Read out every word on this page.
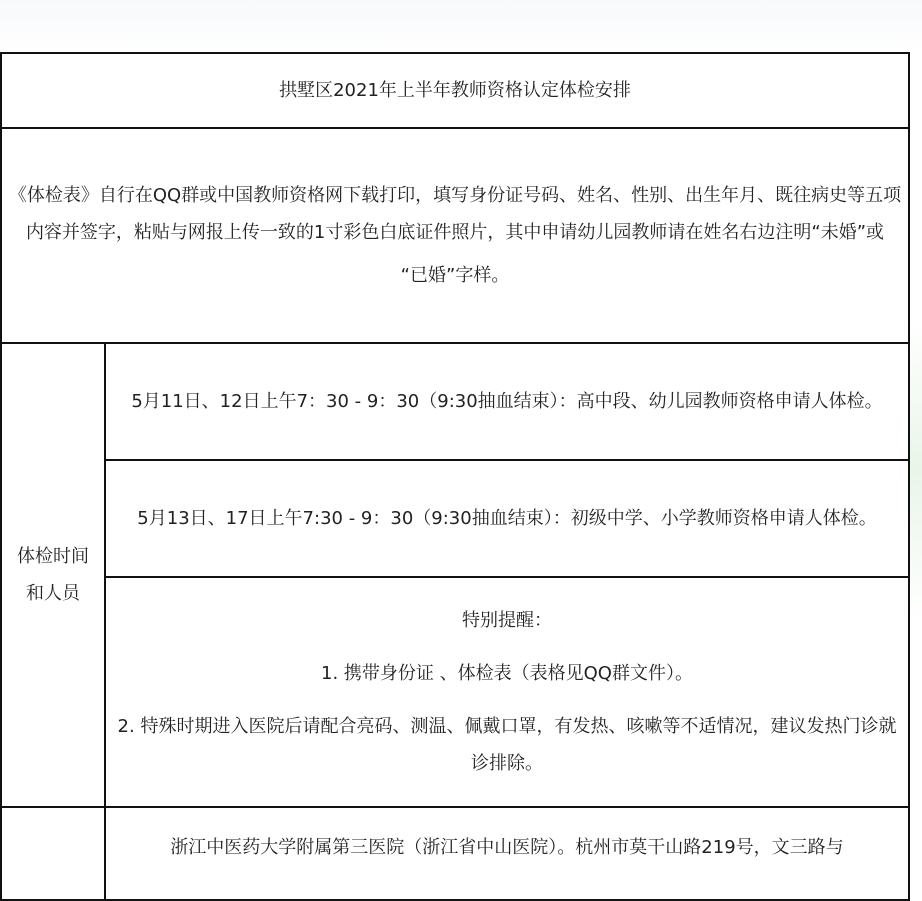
拱墅区2021年上半年教师资格认定体检安排	

《体检表》自行在QQ群或中国教师资格网下载打印，填写身份证号码、姓名、性别、出生年月、既往病史等五项内容并签字，粘贴与网报上传一致的1寸彩色白底证件照片，其中申请幼儿园教师请在姓名右边注明“未婚”或

“已婚”字样。	

体检时间
和人员	5月11日、12日上午7：30 - 9：30（9:30抽血结束）：高中段、幼儿园教师资格申请人体检。
	5月13日、17日上午7:30 - 9：30（9:30抽血结束）：初级中学、小学教师资格申请人体检。

	特别提醒：

1. 携带身份证 、体检表（表格见QQ群文件）。

2. 特殊时期进入医院后请配合亮码、测温、佩戴口罩，有发热、咳嗽等不适情况，建议发热门诊就诊排除。

	浙江中医药大学附属第三医院（浙江省中山医院）。杭州市莫干山路219号，文三路与
